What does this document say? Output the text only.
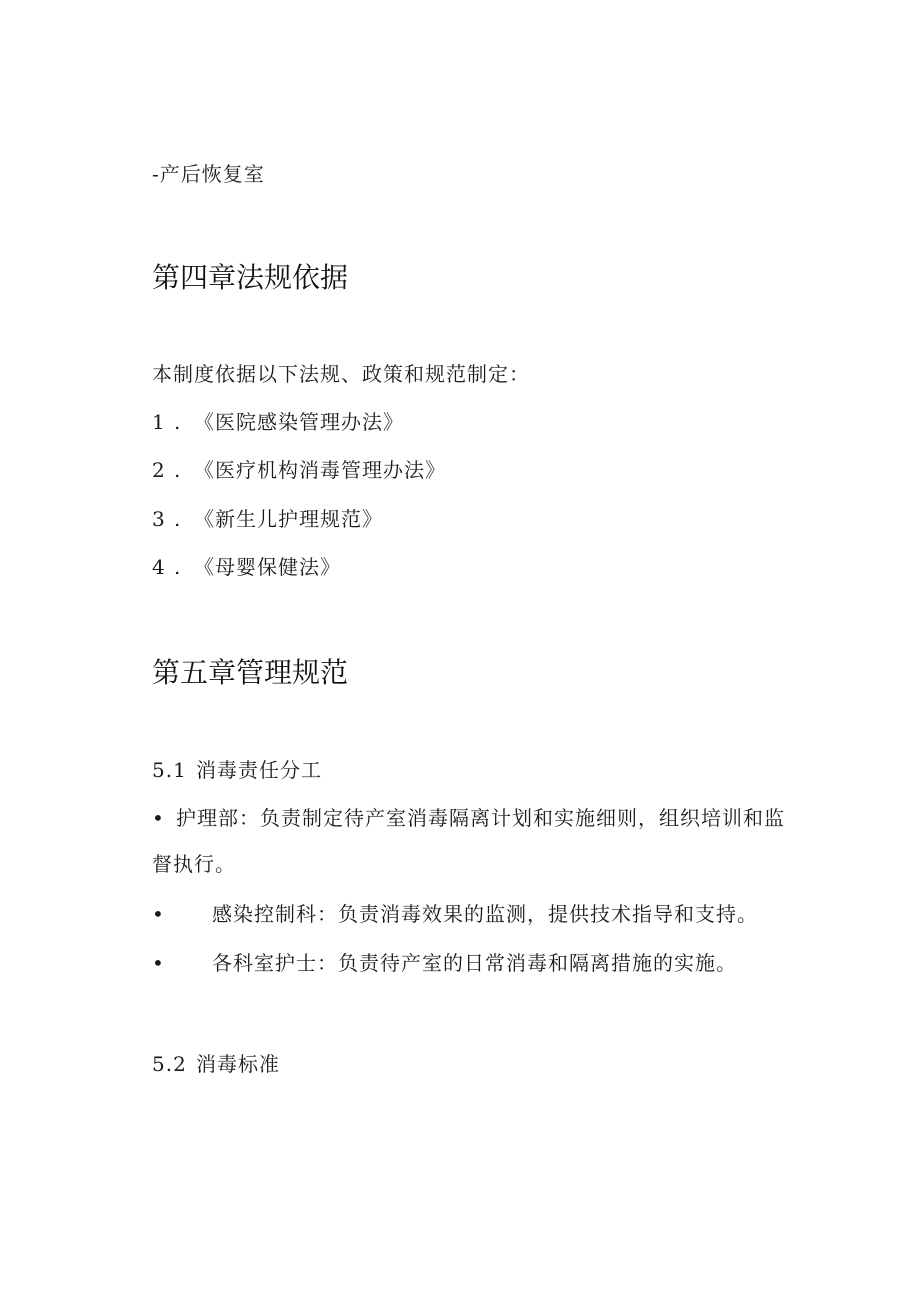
-产后恢复室
第四章法规依据
本制度依据以下法规、政策和规范制定：
1 . 《医院感染管理办法》
2 . 《医疗机构消毒管理办法》
3 . 《新生儿护理规范》
4 . 《母婴保健法》
第五章管理规范
5.1 消毒责任分工
• 护理部：负责制定待产室消毒隔离计划和实施细则，组织培训和监
督执行。
• 感染控制科：负责消毒效果的监测，提供技术指导和支持。
• 各科室护士：负责待产室的日常消毒和隔离措施的实施。
5.2 消毒标准
